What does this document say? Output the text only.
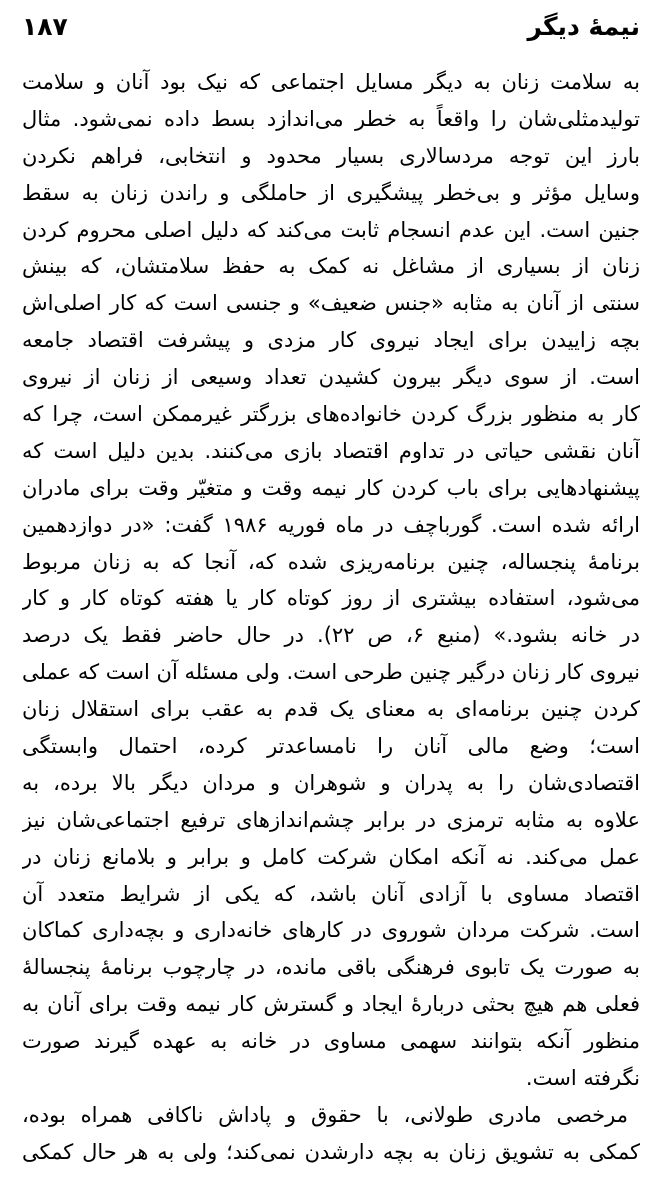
نیمهٔ دیگر
۱۸۷
به سلامت زنان به دیگر مسایل اجتماعی که نیک بود آنان و سلامت
تولیدمثلی‌شان را واقعاً به خطر می‌اندازد بسط داده نمی‌شود. مثال
بارز این توجه مردسالاری بسیار محدود و انتخابی، فراهم نکردن
وسایل مؤثر و بی‌خطر پیشگیری از حاملگی و راندن زنان به سقط
جنین است. این عدم انسجام ثابت می‌کند که دلیل اصلی محروم کردن
زنان از بسیاری از مشاغل نه کمک به حفظ سلامتشان، که بینش
سنتی از آنان به مثابه «جنس ضعیف» و جنسی است که کار اصلی‌اش
بچه زاییدن برای ایجاد نیروی کار مزدی و پیشرفت اقتصاد جامعه
است. از سوی دیگر بیرون کشیدن تعداد وسیعی از زنان از نیروی
کار به منظور بزرگ کردن خانواده‌های بزرگتر غیرممکن است، چرا که
آنان نقشی حیاتی در تداوم اقتصاد بازی می‌کنند. بدین دلیل است که
پیشنهادهایی برای باب کردن کار نیمه وقت و متغیّر وقت برای مادران
ارائه شده است. گورباچف در ماه فوریه ۱۹۸۶ گفت: «در دوازدهمین
برنامهٔ پنجساله، چنین برنامه‌ریزی شده که، آنجا که به زنان مربوط
می‌شود، استفاده بیشتری از روز کوتاه کار یا هفته کوتاه کار و کار
در خانه بشود.» (منبع ۶، ص ۲۲). در حال حاضر فقط یک درصد
نیروی کار زنان درگیر چنین طرحی است. ولی مسئله آن است که عملی
کردن چنین برنامه‌ای به معنای یک قدم به عقب برای استقلال زنان
است؛ وضع مالی آنان را نامساعدتر کرده، احتمال وابستگی
اقتصادی‌شان را به پدران و شوهران و مردان دیگر بالا برده، به
علاوه به مثابه ترمزی در برابر چشم‌اندازهای ترفیع اجتماعی‌شان نیز
عمل می‌کند. نه آنکه امکان شرکت کامل و برابر و بلامانع زنان در
اقتصاد مساوی با آزادی آنان باشد، که یکی از شرایط متعدد آن
است. شرکت مردان شوروی در کارهای خانه‌داری و بچه‌داری کماکان
به صورت یک تابوی فرهنگی باقی مانده، در چارچوب برنامهٔ پنجسالهٔ
فعلی هم هیچ بحثی دربارهٔ ایجاد و گسترش کار نیمه وقت برای آنان به
منظور آنکه بتوانند سهمی مساوی در خانه به عهده گیرند صورت
نگرفته است.
مرخصی مادری طولانی، با حقوق و پاداش ناکافی همراه بوده،
کمکی به تشویق زنان به بچه دارشدن نمی‌کند؛ ولی به هر حال کمکی
